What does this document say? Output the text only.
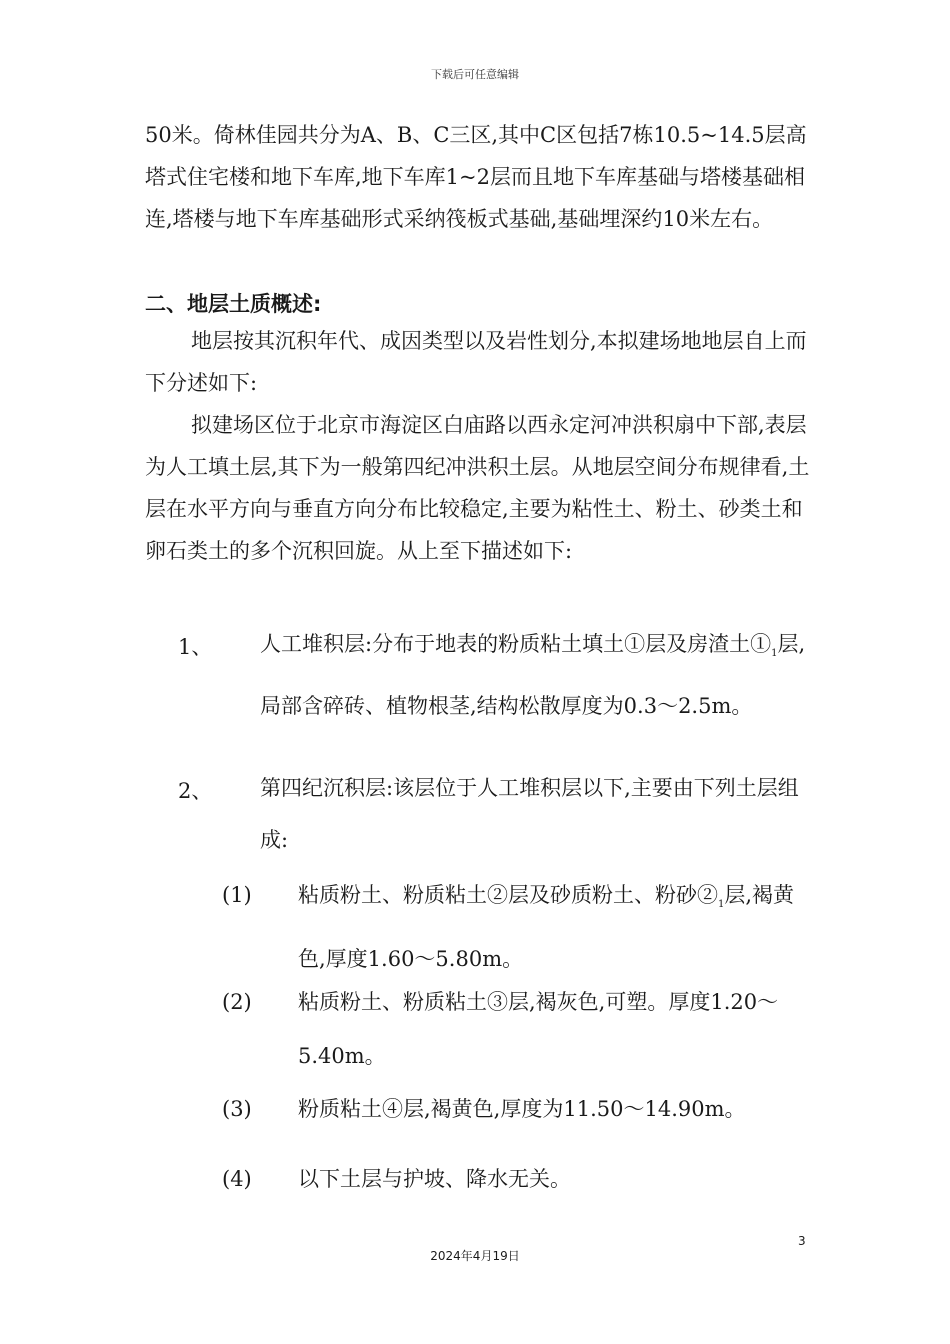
下载后可任意编辑
50米。倚林佳园共分为A、B、C三区,其中C区包括7栋10.5~14.5层高塔式住宅楼和地下车库,地下车库1~2层而且地下车库基础与塔楼基础相连,塔楼与地下车库基础形式采纳筏板式基础,基础埋深约10米左右。
二、地层土质概述:
地层按其沉积年代、成因类型以及岩性划分,本拟建场地地层自上而下分述如下:
拟建场区位于北京市海淀区白庙路以西永定河冲洪积扇中下部,表层为人工填土层,其下为一般第四纪冲洪积土层。从地层空间分布规律看,土层在水平方向与垂直方向分布比较稳定,主要为粘性土、粉土、砂类土和卵石类土的多个沉积回旋。从上至下描述如下:
1、 人工堆积层:分布于地表的粉质粘土填土①层及房渣土$①_1$层,局部含碎砖、植物根茎,结构松散厚度为0.3～2.5m。
2、 第四纪沉积层:该层位于人工堆积层以下,主要由下列土层组成:
(1) 粘质粉土、粉质粘土②层及砂质粉土、粉砂$②_1$层,褐黄色,厚度1.60～5.80m。
(2) 粘质粉土、粉质粘土③层,褐灰色,可塑。厚度1.20～5.40m。
(3) 粉质粘土④层,褐黄色,厚度为11.50～14.90m。
(4) 以下土层与护坡、降水无关。
3
2024年4月19日
